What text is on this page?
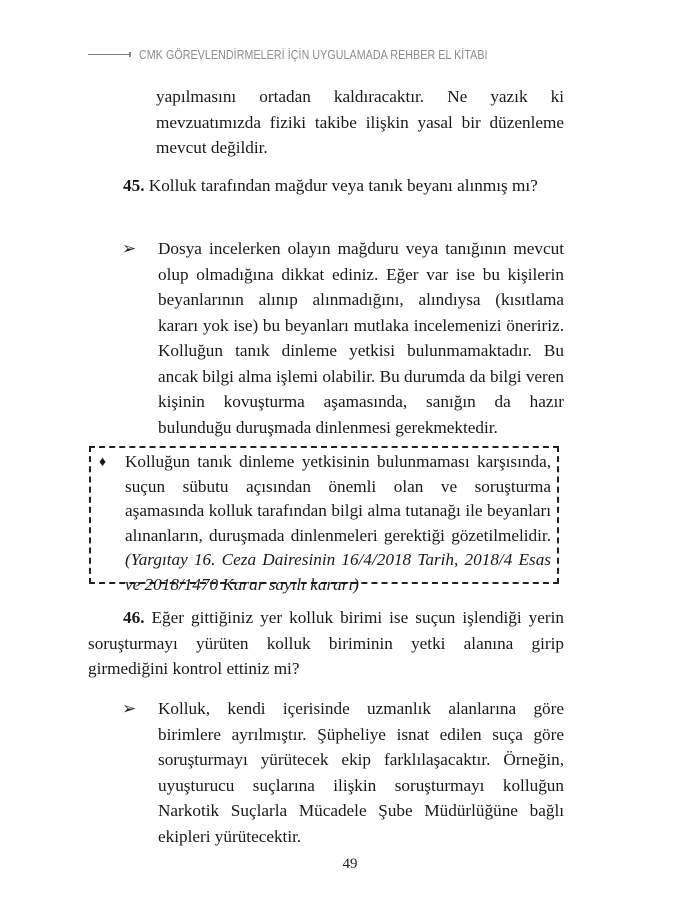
CMK GÖREVLENDİRMELERİ İÇİN UYGULAMADA REHBER EL KİTABI

yapılmasını ortadan kaldıracaktır. Ne yazık ki mevzuatımızda fiziki takibe ilişkin yasal bir düzenleme mevcut değildir.

45. Kolluk tarafından mağdur veya tanık beyanı alınmış mı?

➢	Dosya incelerken olayın mağduru veya tanığının mevcut olup olmadığına dikkat ediniz. Eğer var ise bu kişilerin beyanlarının alınıp alınmadığını, alındıysa (kısıtlama kararı yok ise) bu beyanları mutlaka incelemenizi öneririz. Kolluğun tanık dinleme yetkisi bulunmamaktadır. Bu ancak bilgi alma işlemi olabilir. Bu durumda da bilgi veren kişinin kovuşturma aşamasında, sanığın da hazır bulunduğu duruşmada dinlenmesi gerekmektedir.
♦	Kolluğun tanık dinleme yetkisinin bulunmaması karşısında, suçun sübutu açısından önemli olan ve soruşturma aşamasında kolluk tarafından bilgi alma tutanağı ile beyanları alınanların, duruşmada dinlenmeleri gerektiği gözetilmelidir. (Yargıtay 16. Ceza Dairesinin 16/4/2018 Tarih, 2018/4 Esas ve 2018/1470 Karar sayılı kararı)

46. Eğer gittiğiniz yer kolluk birimi ise suçun işlendiği yerin soruşturmayı yürüten kolluk biriminin yetki alanına girip girmediğini kontrol ettiniz mi?

➢	Kolluk, kendi içerisinde uzmanlık alanlarına göre birimlere ayrılmıştır. Şüpheliye isnat edilen suça göre soruşturmayı yürütecek ekip farklılaşacaktır. Örneğin, uyuşturucu suçlarına ilişkin soruşturmayı kolluğun Narkotik Suçlarla Mücadele Şube Müdürlüğüne bağlı ekipleri yürütecektir.
49
